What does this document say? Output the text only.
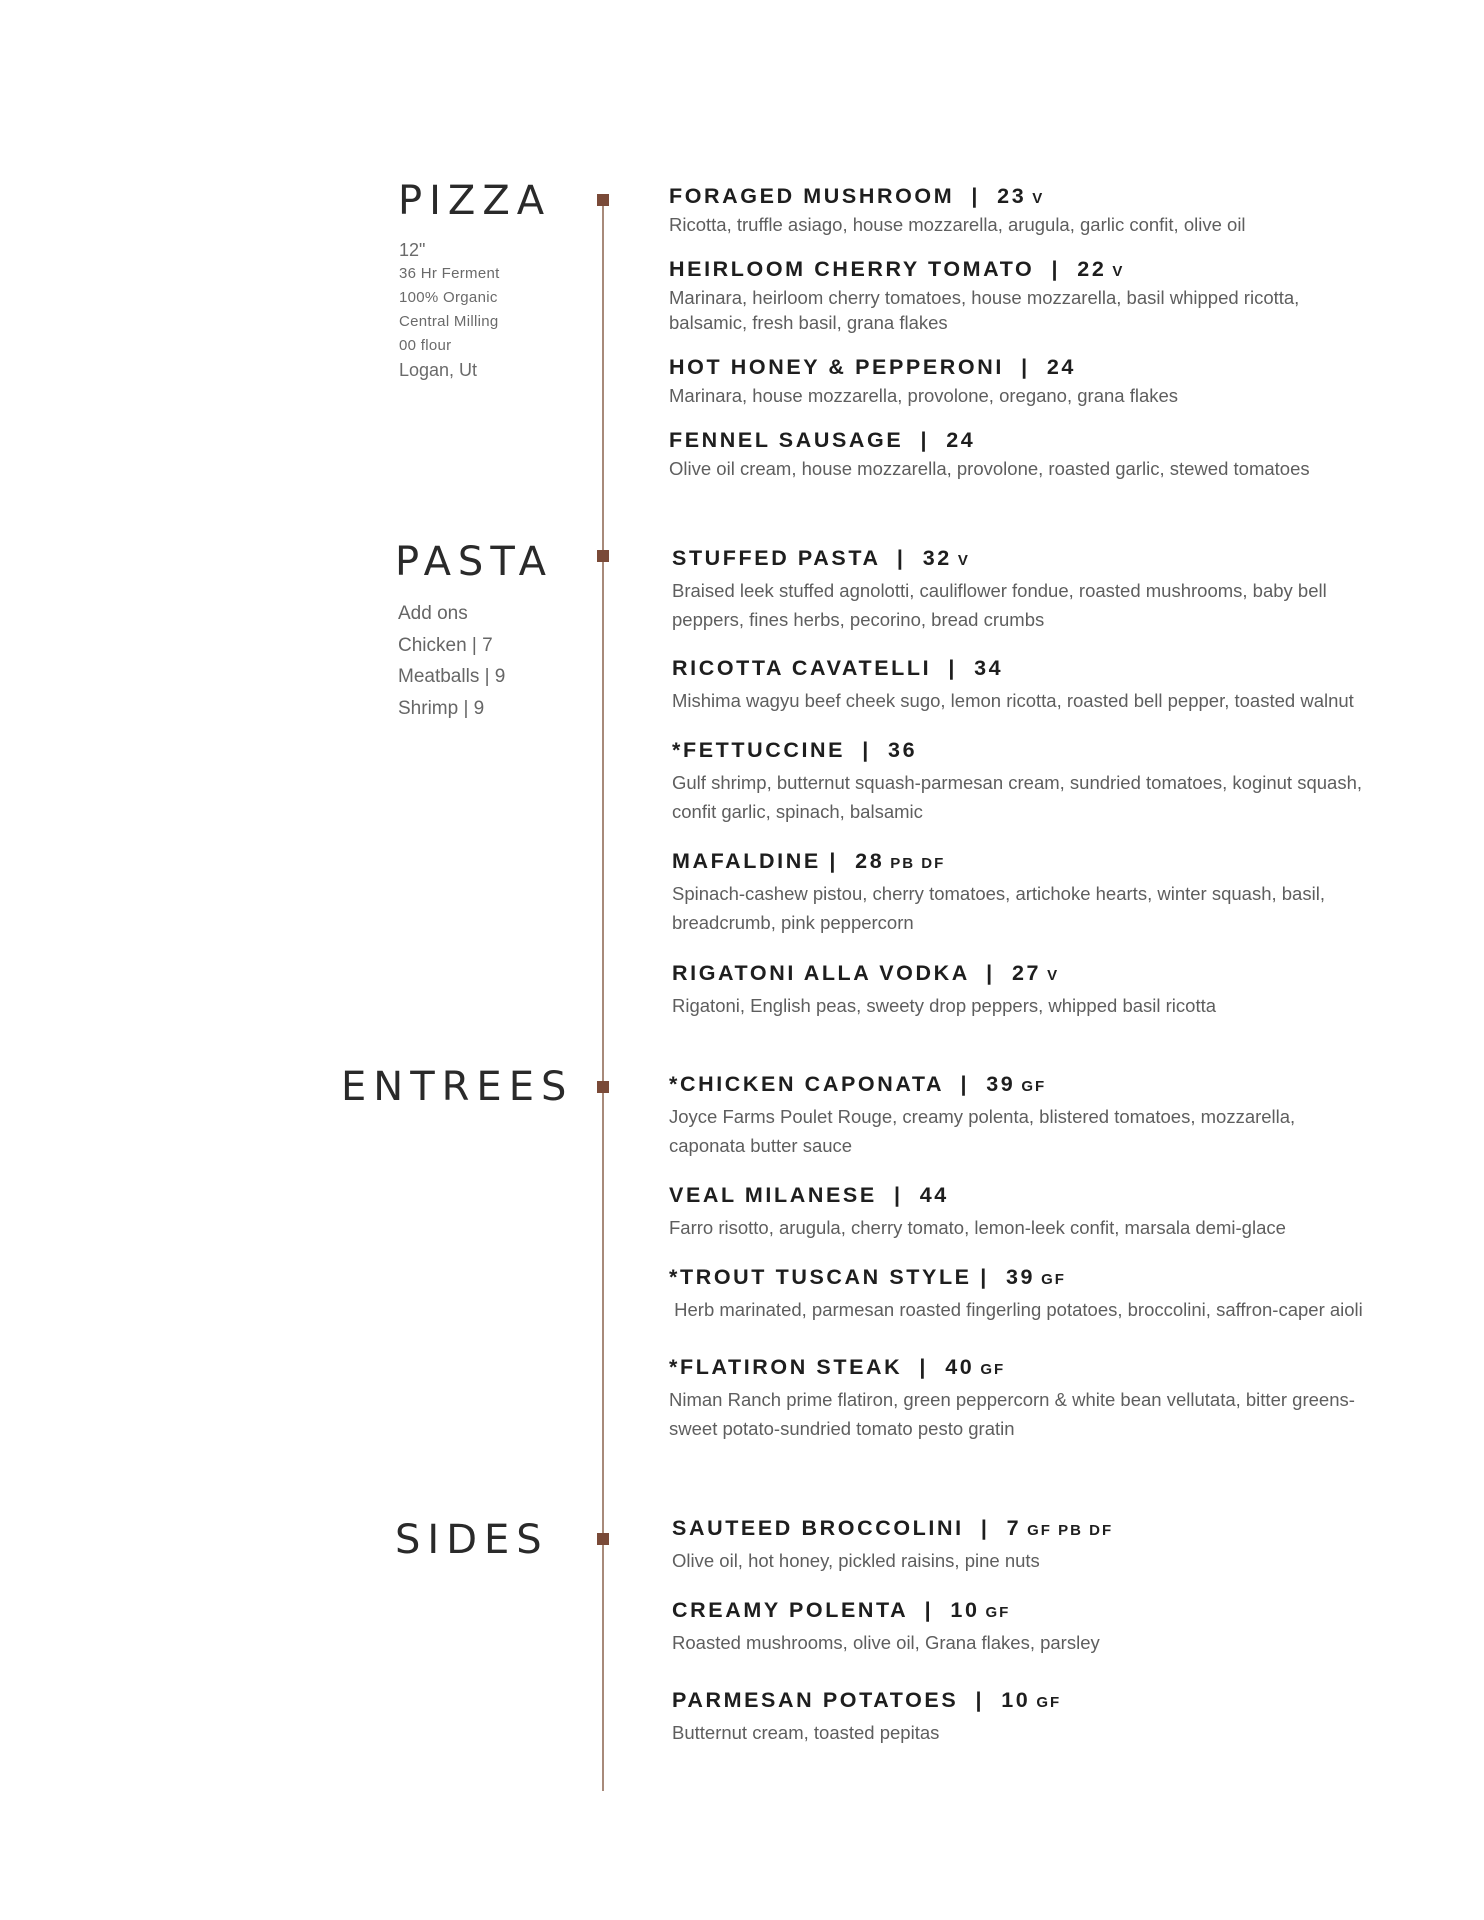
PIZZA
12"
36 Hr Ferment
100% Organic
Central Milling
00 flour
Logan, Ut
FORAGED MUSHROOM  |  23 V
Ricotta, truffle asiago, house mozzarella, arugula, garlic confit, olive oil
HEIRLOOM CHERRY TOMATO  |  22 V
Marinara, heirloom cherry tomatoes, house mozzarella, basil whipped ricotta, balsamic, fresh basil, grana flakes
HOT HONEY & PEPPERONI  |  24
Marinara, house mozzarella, provolone, oregano, grana flakes
FENNEL SAUSAGE  |  24
Olive oil cream, house mozzarella, provolone, roasted garlic, stewed tomatoes
PASTA
Add ons
Chicken | 7
Meatballs | 9
Shrimp | 9
STUFFED PASTA  |  32 V
Braised leek stuffed agnolotti, cauliflower fondue, roasted mushrooms, baby bell peppers, fines herbs, pecorino, bread crumbs
RICOTTA CAVATELLI  |  34
Mishima wagyu beef cheek sugo, lemon ricotta, roasted bell pepper, toasted walnut
*FETTUCCINE  |  36
Gulf shrimp, butternut squash-parmesan cream, sundried tomatoes, koginut squash, confit garlic, spinach, balsamic
MAFALDINE |  28 PB DF
Spinach-cashew pistou, cherry tomatoes, artichoke hearts, winter squash, basil, breadcrumb, pink peppercorn
RIGATONI ALLA VODKA  |  27 V
Rigatoni, English peas, sweety drop peppers, whipped basil ricotta
ENTREES	*CHICKEN CAPONATA  |  39 GF
Joyce Farms Poulet Rouge, creamy polenta, blistered tomatoes, mozzarella, caponata butter sauce
VEAL MILANESE  |  44
Farro risotto, arugula, cherry tomato, lemon-leek confit, marsala demi-glace
*TROUT TUSCAN STYLE |  39 GF
Herb marinated, parmesan roasted fingerling potatoes, broccolini, saffron-caper aioli
*FLATIRON STEAK  |  40 GF
Niman Ranch prime flatiron, green peppercorn & white bean vellutata, bitter greens-sweet potato-sundried tomato pesto gratin
SIDES	SAUTEED BROCCOLINI  |  7 GF PB DF
Olive oil, hot honey, pickled raisins, pine nuts
CREAMY POLENTA  |  10 GF
Roasted mushrooms, olive oil, Grana flakes, parsley
PARMESAN POTATOES  |  10 GF
Butternut cream, toasted pepitas
